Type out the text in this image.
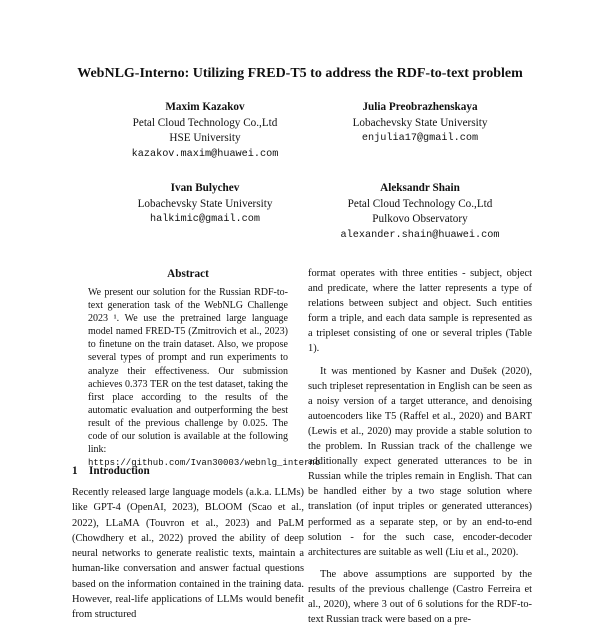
WebNLG-Interno: Utilizing FRED-T5 to address the RDF-to-text problem
Maxim Kazakov
Petal Cloud Technology Co.,Ltd
HSE University
kazakov.maxim@huawei.com
Julia Preobrazhenskaya
Lobachevsky State University
enjulia17@gmail.com
Ivan Bulychev
Lobachevsky State University
halkimic@gmail.com
Aleksandr Shain
Petal Cloud Technology Co.,Ltd
Pulkovo Observatory
alexander.shain@huawei.com
Abstract
We present our solution for the Russian RDF-to-text generation task of the WebNLG Challenge 2023 ¹. We use the pretrained large language model named FRED-T5 (Zmitrovich et al., 2023) to finetune on the train dataset. Also, we propose several types of prompt and run experiments to analyze their effectiveness. Our submission achieves 0.373 TER on the test dataset, taking the first place according to the results of the automatic evaluation and outperforming the best result of the previous challenge by 0.025. The code of our solution is available at the following link: https://github.com/Ivan30003/webnlg_interno
1 Introduction
Recently released large language models (a.k.a. LLMs) like GPT-4 (OpenAI, 2023), BLOOM (Scao et al., 2022), LLaMA (Touvron et al., 2023) and PaLM (Chowdhery et al., 2022) proved the ability of deep neural networks to generate realistic texts, maintain a human-like conversation and answer factual questions based on the information contained in the training data. However, real-life applications of LLMs would benefit from structured

format operates with three entities - subject, object and predicate, where the latter represents a type of relations between subject and object. Such entities form a triple, and each data sample is represented as a tripleset consisting of one or several triples (Table 1).

It was mentioned by Kasner and Dušek (2020), such tripleset representation in English can be seen as a noisy version of a target utterance, and denoising autoencoders like T5 (Raffel et al., 2020) and BART (Lewis et al., 2020) may provide a stable solution to the problem. In Russian track of the challenge we additionally expect generated utterances to be in Russian while the triples remain in English. That can be handled either by a two stage solution where translation (of input triples or generated utterances) performed as a separate step, or by an end-to-end solution - for the such case, encoder-decoder architectures are suitable as well (Liu et al., 2020).

The above assumptions are supported by the results of the previous challenge (Castro Ferreira et al., 2020), where 3 out of 6 solutions for the RDF-to-text Russian track were based on a pre-
